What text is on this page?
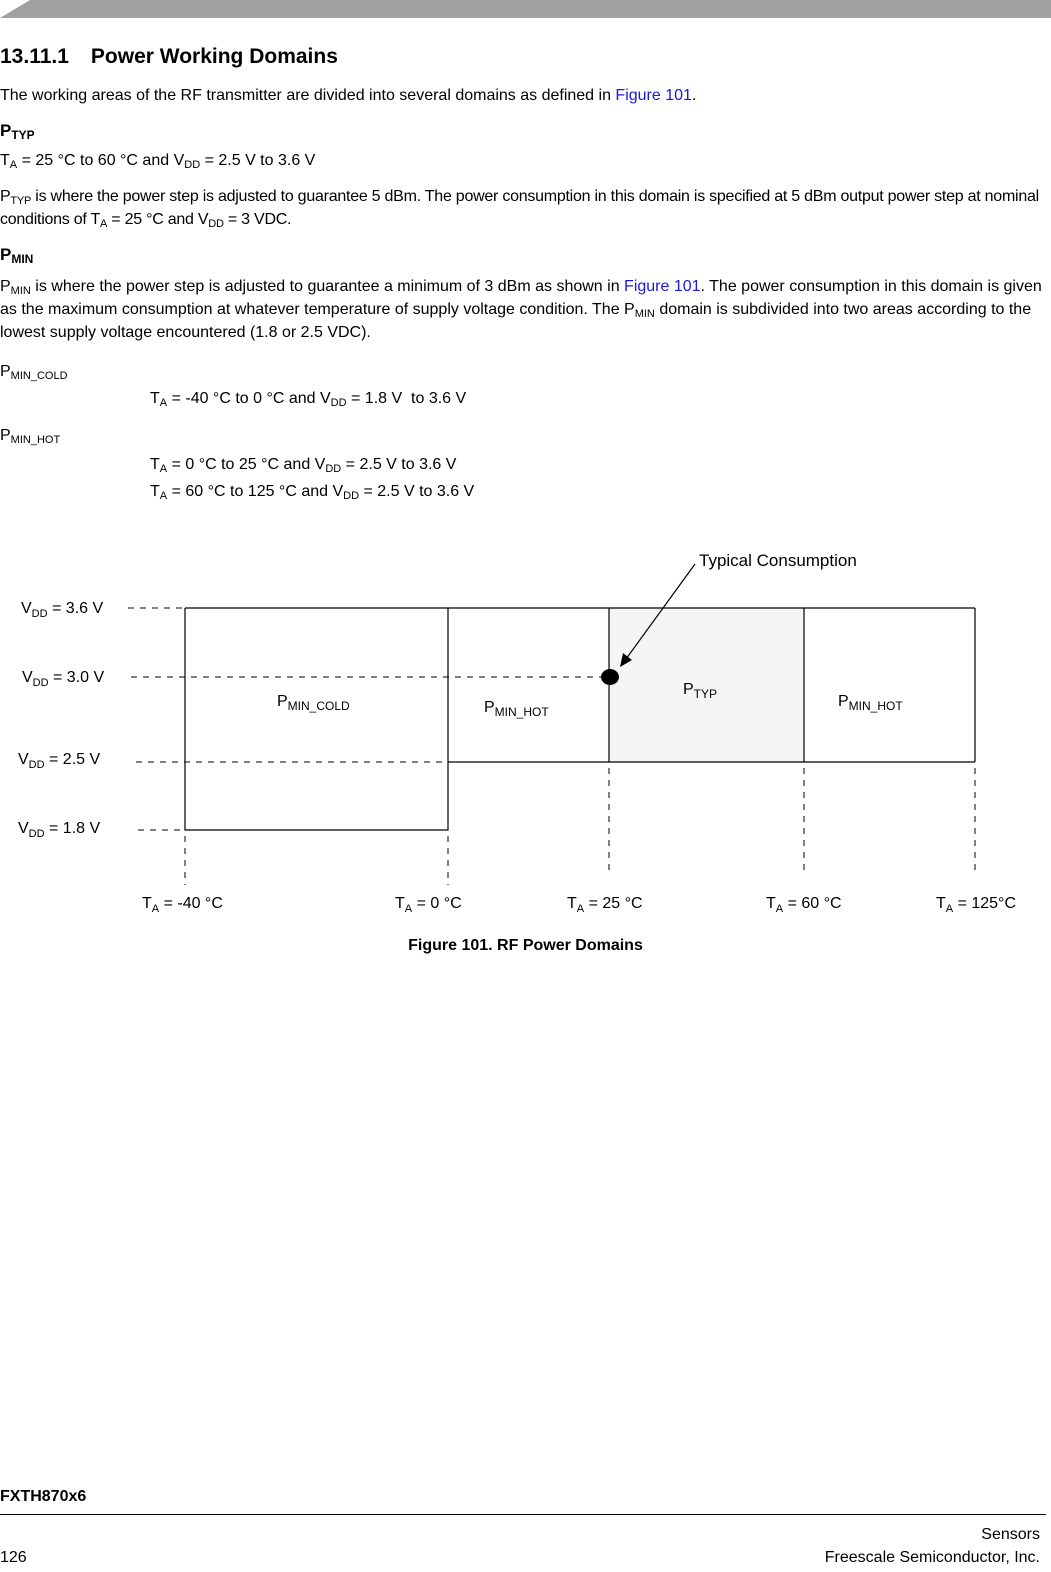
13.11.1 Power Working Domains
The working areas of the RF transmitter are divided into several domains as defined in Figure 101.
$P_{TYP}$
$T_A = 25$ °C to 60 °C and $V_{DD} = 2.5$ V to 3.6 V
$P_{TYP}$ is where the power step is adjusted to guarantee 5 dBm. The power consumption in this domain is specified at 5 dBm output power step at nominal conditions of $T_A = 25$ °C and $V_{DD} = 3$ VDC.
$P_{MIN}$
$P_{MIN}$ is where the power step is adjusted to guarantee a minimum of 3 dBm as shown in Figure 101. The power consumption in this domain is given as the maximum consumption at whatever temperature of supply voltage condition. The $P_{MIN}$ domain is subdivided into two areas according to the lowest supply voltage encountered (1.8 or 2.5 VDC).
$P_{MIN\_COLD}$
$T_A = -40$ °C to 0 °C and $V_{DD} = 1.8$ V  to 3.6 V
$P_{MIN\_HOT}$
$T_A = 0$ °C to 25 °C and $V_{DD} = 2.5$ V to 3.6 V
$T_A = 60$ °C to 125 °C and $V_{DD} = 2.5$ V to 3.6 V
Typical Consumption
$V_{DD} = 3.6$ V
$V_{DD} = 3.0$ V
$V_{DD} = 2.5$ V
$V_{DD} = 1.8$ V
$P_{MIN\_COLD}$	$P_{MIN\_HOT}$
$P_{TYP}$	$P_{MIN\_HOT}$
$T_A = -40$ °C	$T_A = 0$ °C	$T_A = 25$ °C	$T_A = 60$ °C	$T_A = 125^\circ C$
Figure 101. RF Power Domains
FXTH870x6
Sensors
126	Freescale Semiconductor, Inc.
